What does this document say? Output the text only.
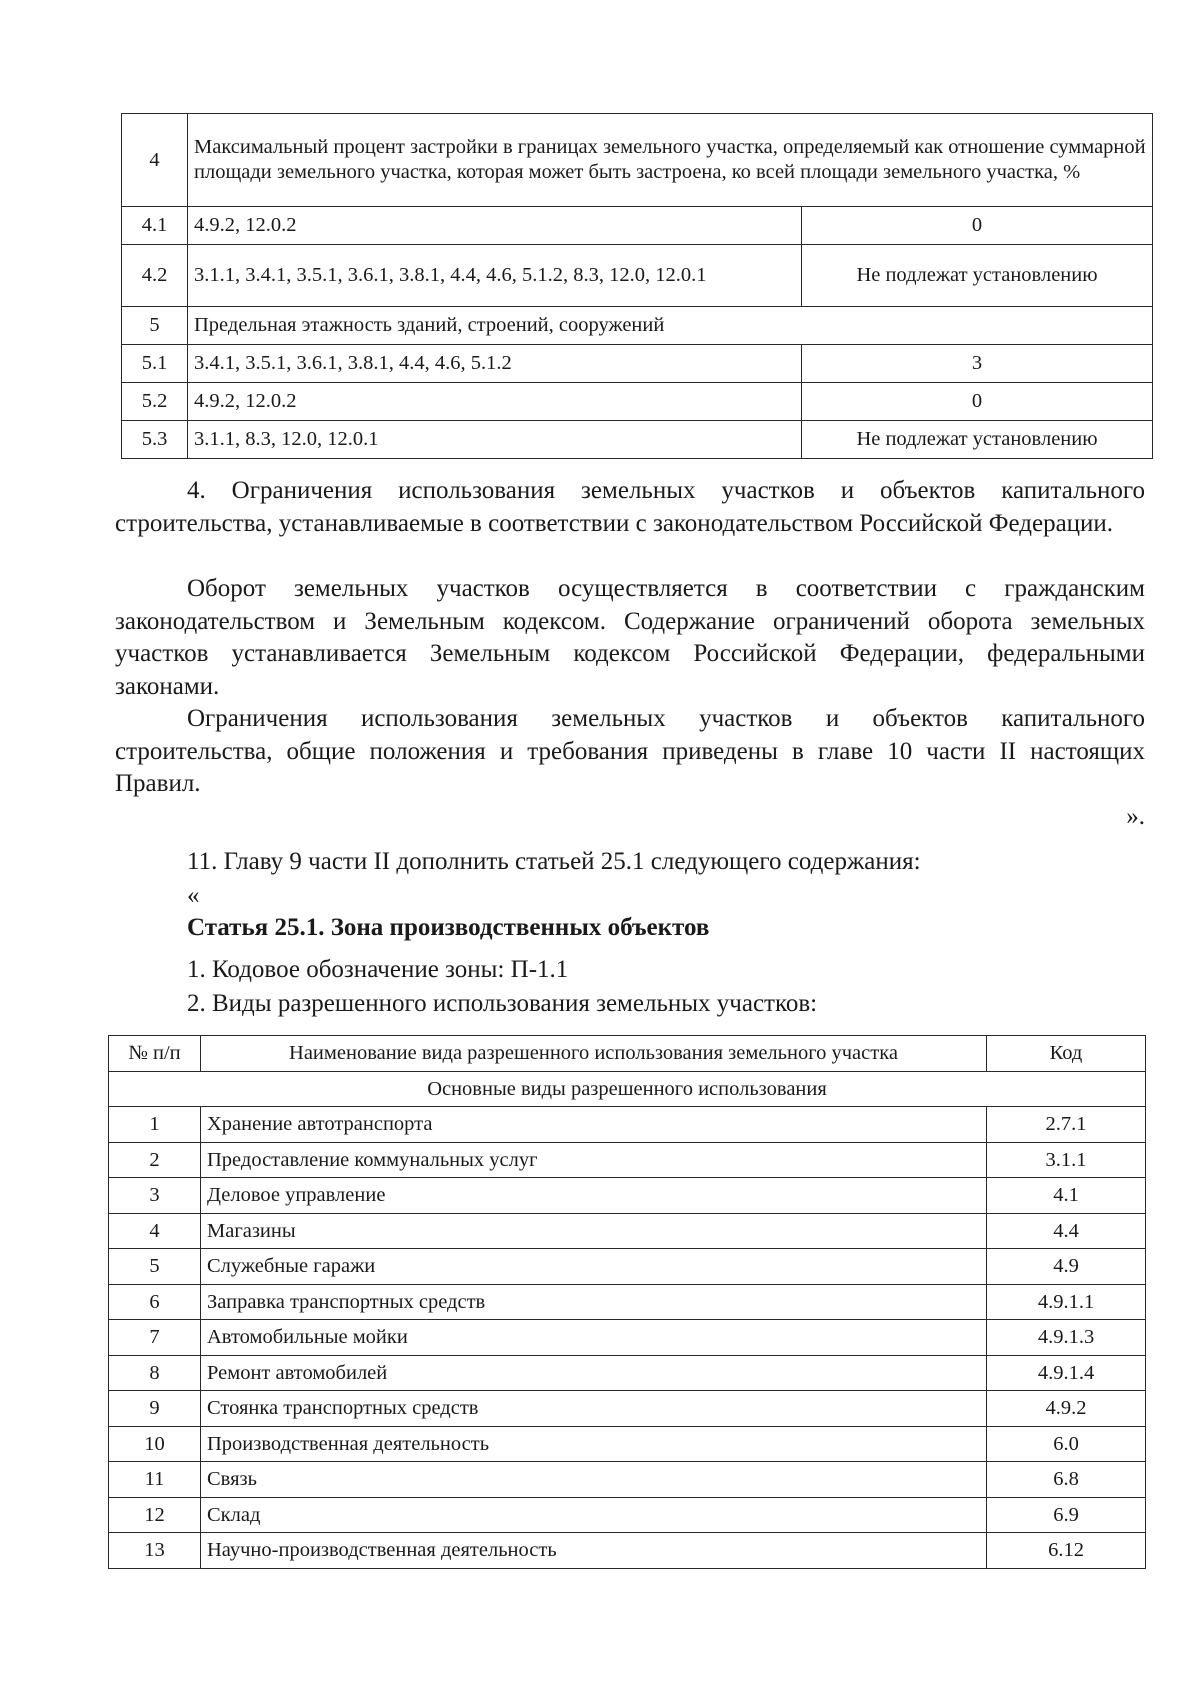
4	Максимальный процент застройки в границах земельного участка, определяемый как отношение суммарной площади земельного участка, которая может быть застроена, ко всей площади земельного участка, %	
4.1	4.9.2, 12.0.2	0
4.2	3.1.1, 3.4.1, 3.5.1, 3.6.1, 3.8.1, 4.4, 4.6, 5.1.2, 8.3, 12.0, 12.0.1	Не подлежат установлению
5	Предельная этажность зданий, строений, сооружений	
5.1	3.4.1, 3.5.1, 3.6.1, 3.8.1, 4.4, 4.6, 5.1.2	3
5.2	4.9.2, 12.0.2	0
5.3	3.1.1, 8.3, 12.0, 12.0.1	Не подлежат установлению

4. Ограничения использования земельных участков и объектов капитального строительства, устанавливаемые в соответствии с законодательством Российской Федерации.

Оборот земельных участков осуществляется в соответствии с гражданским законодательством и Земельным кодексом. Содержание ограничений оборота земельных участков устанавливается Земельным кодексом Российской Федерации, федеральными законами.

Ограничения использования земельных участков и объектов капитального строительства, общие положения и требования приведены в главе 10 части II настоящих Правил.

».

11. Главу 9 части II дополнить статьей 25.1 следующего содержания:

«

Статья 25.1. Зона производственных объектов

1. Кодовое обозначение зоны: П-1.1

2. Виды разрешенного использования земельных участков:

№ п/п	Наименование вида разрешенного использования земельного участка	Код
Основные виды разрешенного использования		
1	Хранение автотранспорта	2.7.1
2	Предоставление коммунальных услуг	3.1.1
3	Деловое управление	4.1
4	Магазины	4.4
5	Служебные гаражи	4.9
6	Заправка транспортных средств	4.9.1.1
7	Автомобильные мойки	4.9.1.3
8	Ремонт автомобилей	4.9.1.4
9	Стоянка транспортных средств	4.9.2
10	Производственная деятельность	6.0
11	Связь	6.8
12	Склад	6.9
13	Научно-производственная деятельность	6.12
